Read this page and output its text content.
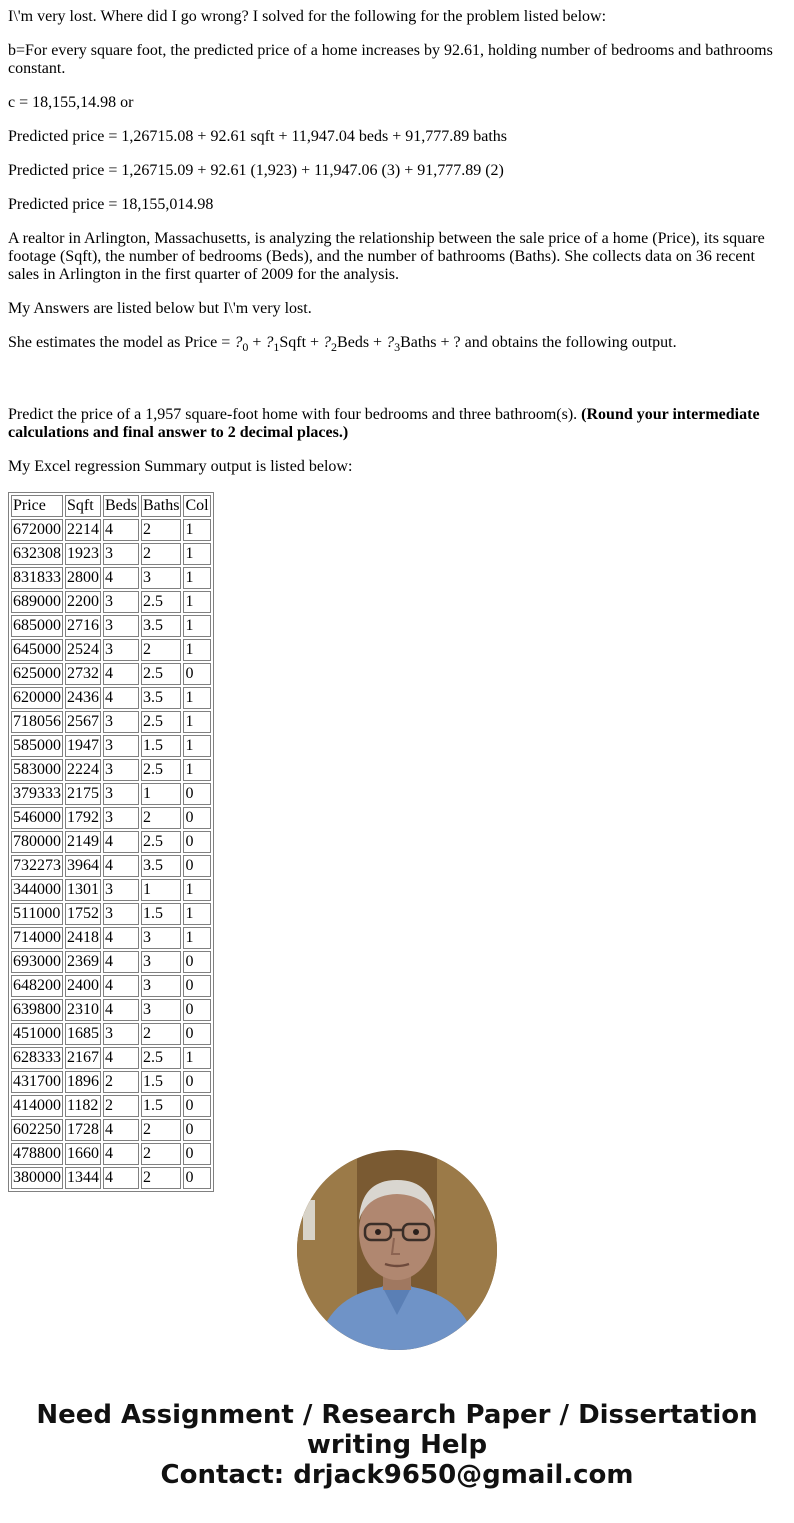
I\'m very lost. Where did I go wrong? I solved for the following for the problem listed below:

b=For every square foot, the predicted price of a home increases by 92.61, holding number of bedrooms and bathrooms constant.

c = 18,155,14.98 or

Predicted price = 1,26715.08 + 92.61 sqft + 11,947.04 beds + 91,777.89 baths

Predicted price = 1,26715.09 + 92.61 (1,923) + 11,947.06 (3) + 91,777.89 (2)

Predicted price = 18,155,014.98

A realtor in Arlington, Massachusetts, is analyzing the relationship between the sale price of a home (Price), its square footage (Sqft), the number of bedrooms (Beds), and the number of bathrooms (Baths). She collects data on 36 recent sales in Arlington in the first quarter of 2009 for the analysis.

My Answers are listed below but I\'m very lost.

She estimates the model as Price = $?_0$ + $?_1Sqft$ + $?_2Beds$ + $?_3Baths$ + ? and obtains the following output.

Predict the price of a 1,957 square-foot home with four bedrooms and three bathroom(s). (Round your intermediate calculations and final answer to 2 decimal places.)

My Excel regression Summary output is listed below:

Price	Sqft	Beds	Baths	Col
672000	2214	4	2	1
632308	1923	3	2	1
831833	2800	4	3	1
689000	2200	3	2.5	1
685000	2716	3	3.5	1
645000	2524	3	2	1
625000	2732	4	2.5	0
620000	2436	4	3.5	1
718056	2567	3	2.5	1
585000	1947	3	1.5	1
583000	2224	3	2.5	1
379333	2175	3	1	0
546000	1792	3	2	0
780000	2149	4	2.5	0
732273	3964	4	3.5	0
344000	1301	3	1	1
511000	1752	3	1.5	1
714000	2418	4	3	1
693000	2369	4	3	0
648200	2400	4	3	0
639800	2310	4	3	0
451000	1685	3	2	0
628333	2167	4	2.5	1
431700	1896	2	1.5	0
414000	1182	2	1.5	0
602250	1728	4	2	0
478800	1660	4	2	0
380000	1344	4	2	0
Need Assignment / Research Paper / Dissertation
writing Help
Contact: drjack9650@gmail.com
